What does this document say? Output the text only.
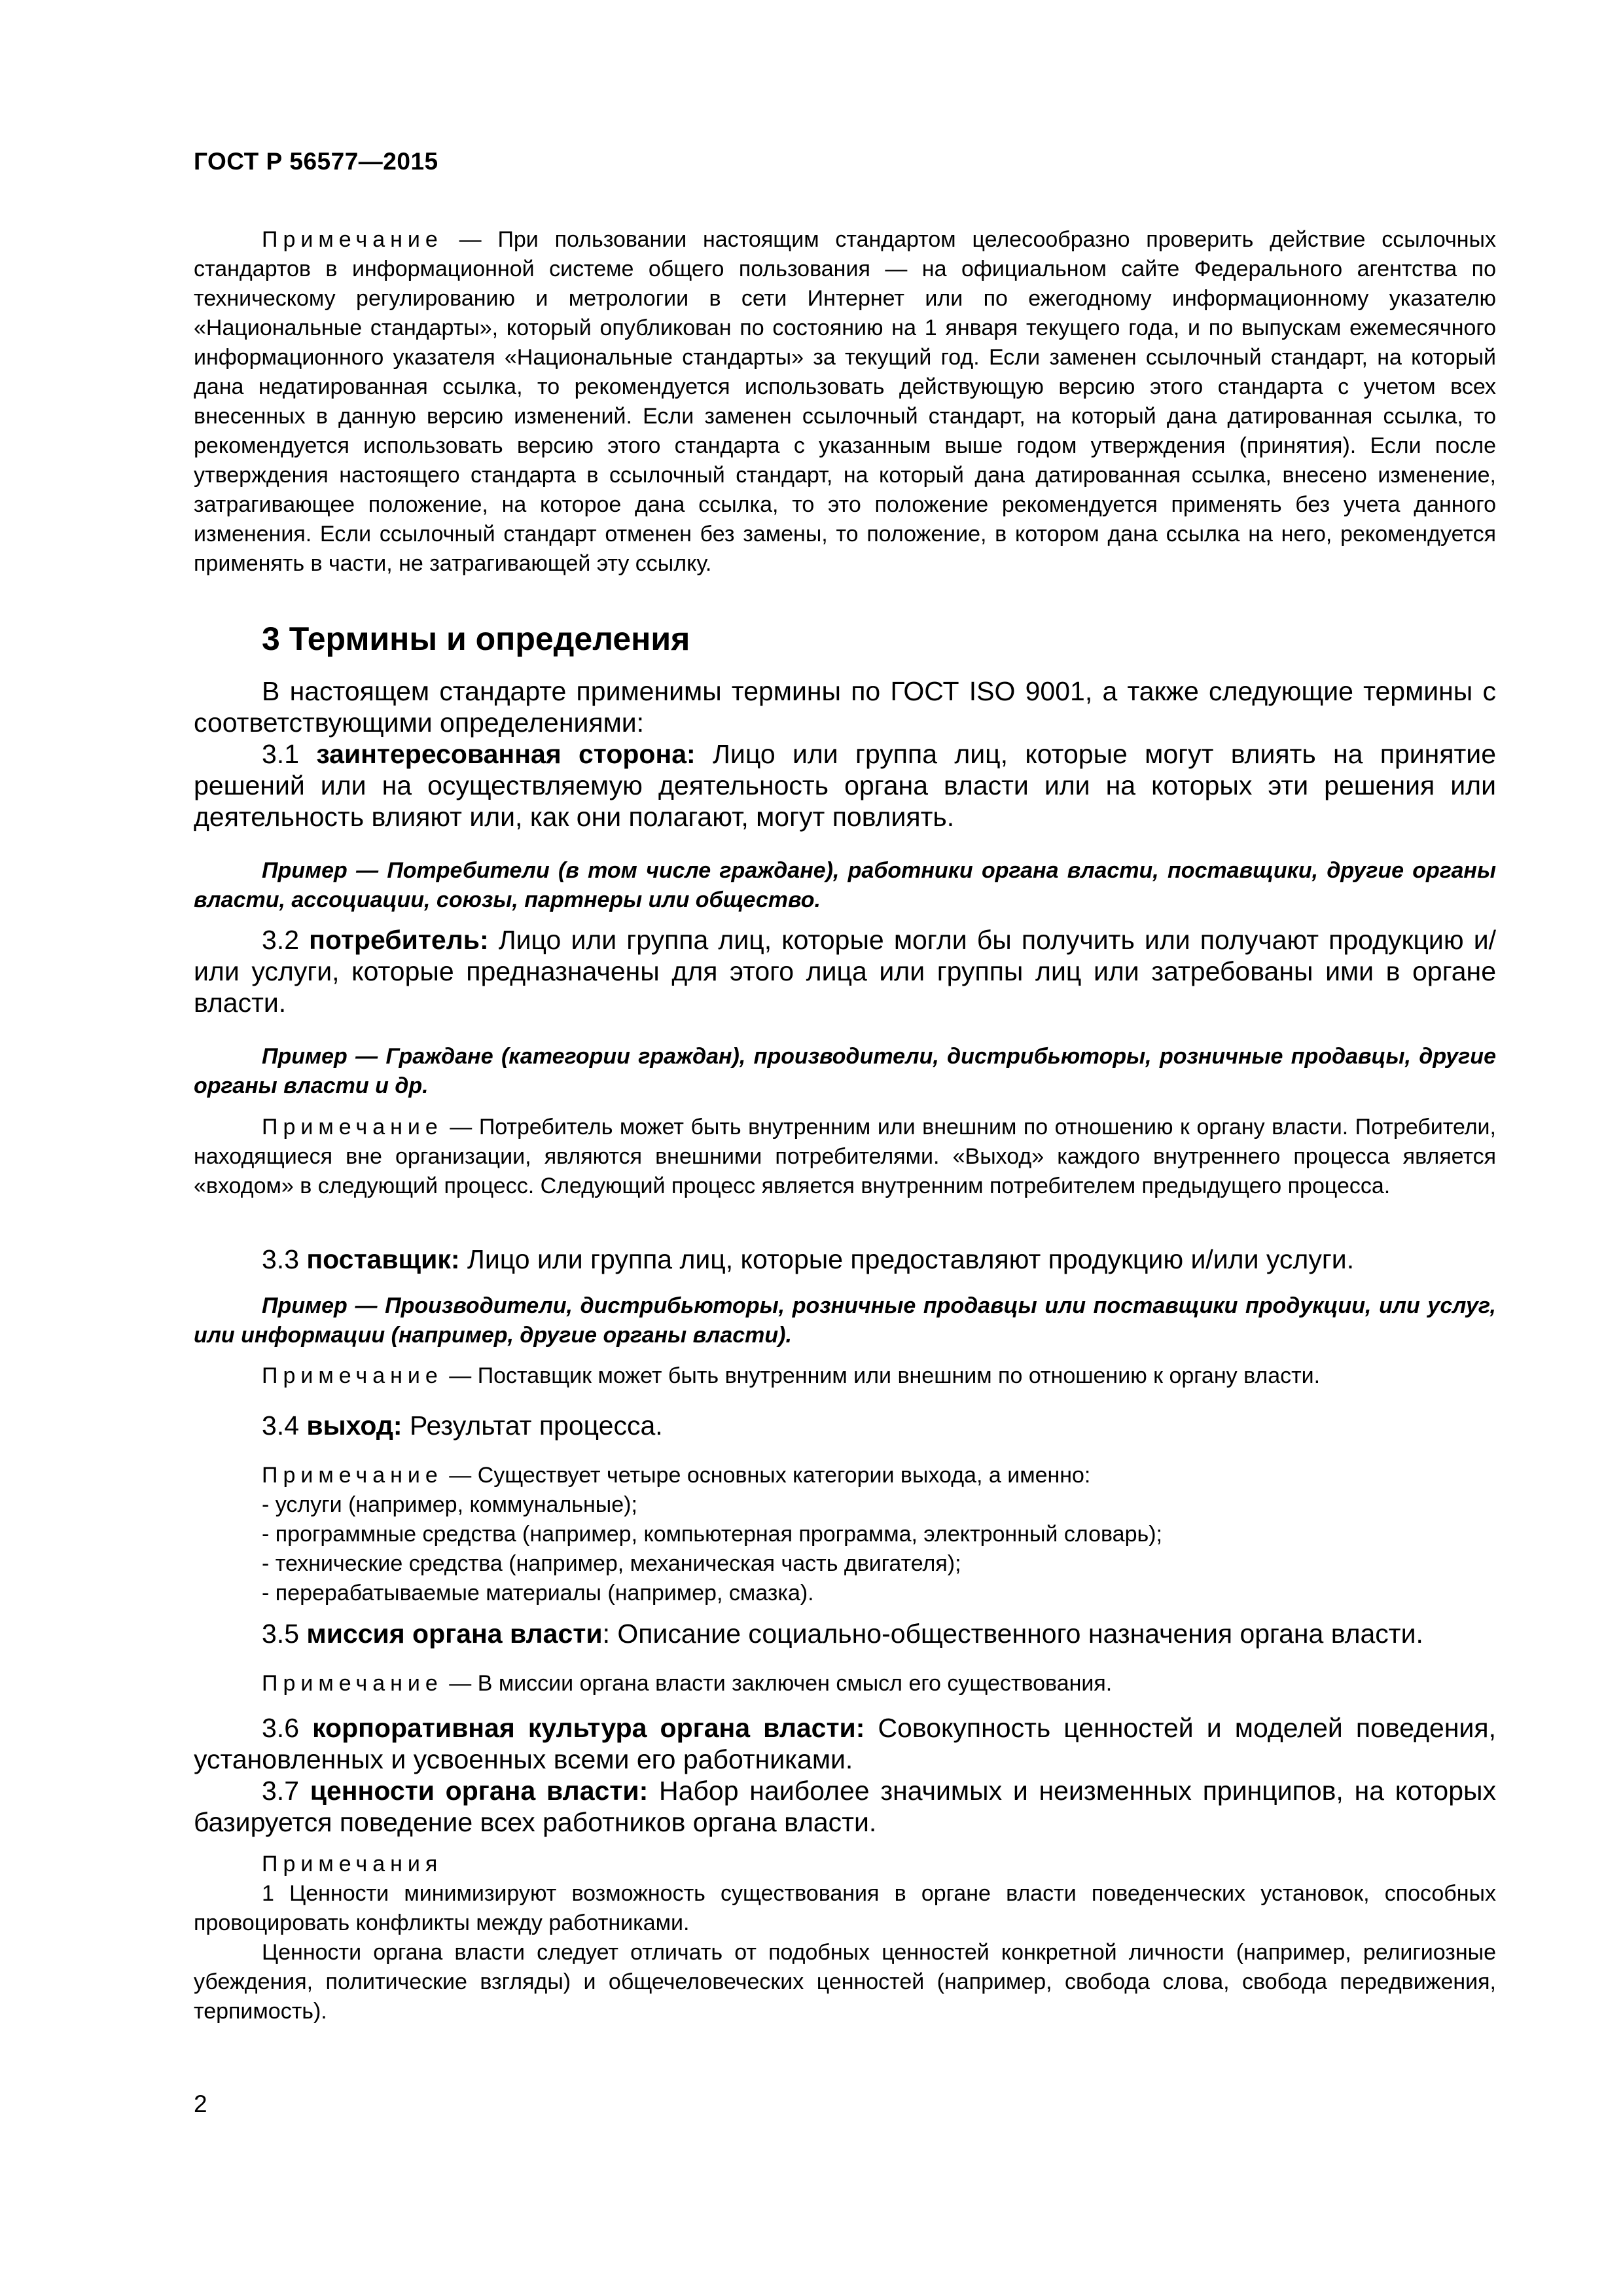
ГОСТ Р 56577—2015
Примечание — При пользовании настоящим стандартом целесообразно проверить действие ссылочных стандартов в информационной системе общего пользования — на официальном сайте Федерального агентства по техническому регулированию и метрологии в сети Интернет или по ежегодному информационному указателю «Национальные стандарты», который опубликован по состоянию на 1 января текущего года, и по выпускам ежемесячного информационного указателя «Национальные стандарты» за текущий год. Если заменен ссылочный стандарт, на который дана недатированная ссылка, то рекомендуется использовать действующую версию этого стандарта с учетом всех внесенных в данную версию изменений. Если заменен ссылочный стандарт, на который дана датированная ссылка, то рекомендуется использовать версию этого стандарта с указанным выше годом утверждения (принятия). Если после утверждения настоящего стандарта в ссылочный стандарт, на который дана датированная ссылка, внесено изменение, затрагивающее положение, на которое дана ссылка, то это положение рекомендуется применять без учета данного изменения. Если ссылочный стандарт отменен без замены, то положение, в котором дана ссылка на него, рекомендуется применять в части, не затрагивающей эту ссылку.
3 Термины и определения
В настоящем стандарте применимы термины по ГОСТ ISO 9001, а также следующие термины с соответствующими определениями:
3.1 заинтересованная сторона: Лицо или группа лиц, которые могут влиять на принятие решений или на осуществляемую деятельность органа власти или на которых эти решения или деятельность влияют или, как они полагают, могут повлиять.
Пример — Потребители (в том числе граждане), работники органа власти, поставщики, другие органы власти, ассоциации, союзы, партнеры или общество.
3.2 потребитель: Лицо или группа лиц, которые могли бы получить или получают продукцию и/или услуги, которые предназначены для этого лица или группы лиц или затребованы ими в органе власти.
Пример — Граждане (категории граждан), производители, дистрибьюторы, розничные продавцы, другие органы власти и др.
Примечание — Потребитель может быть внутренним или внешним по отношению к органу власти. Потребители, находящиеся вне организации, являются внешними потребителями. «Выход» каждого внутреннего процесса является «входом» в следующий процесс. Следующий процесс является внутренним потребителем предыдущего процесса.
3.3 поставщик: Лицо или группа лиц, которые предоставляют продукцию и/или услуги.
Пример — Производители, дистрибьюторы, розничные продавцы или поставщики продукции, или услуг, или информации (например, другие органы власти).
Примечание — Поставщик может быть внутренним или внешним по отношению к органу власти.
3.4 выход: Результат процесса.

Примечание — Существует четыре основных категории выхода, а именно:

- услуги (например, коммунальные);

- программные средства (например, компьютерная программа, электронный словарь);

- технические средства (например, механическая часть двигателя);

- перерабатываемые материалы (например, смазка).

3.5 миссия органа власти: Описание социально-общественного назначения органа власти.
Примечание — В миссии органа власти заключен смысл его существования.
3.6 корпоративная культура органа власти: Совокупность ценностей и моделей поведения, установленных и усвоенных всеми его работниками.
3.7 ценности органа власти: Набор наиболее значимых и неизменных принципов, на которых базируется поведение всех работников органа власти.

Примечания

1 Ценности минимизируют возможность существования в органе власти поведенческих установок, способных провоцировать конфликты между работниками.

Ценности органа власти следует отличать от подобных ценностей конкретной личности (например, религиозные убеждения, политические взгляды) и общечеловеческих ценностей (например, свобода слова, свобода передвижения, терпимость).

2
